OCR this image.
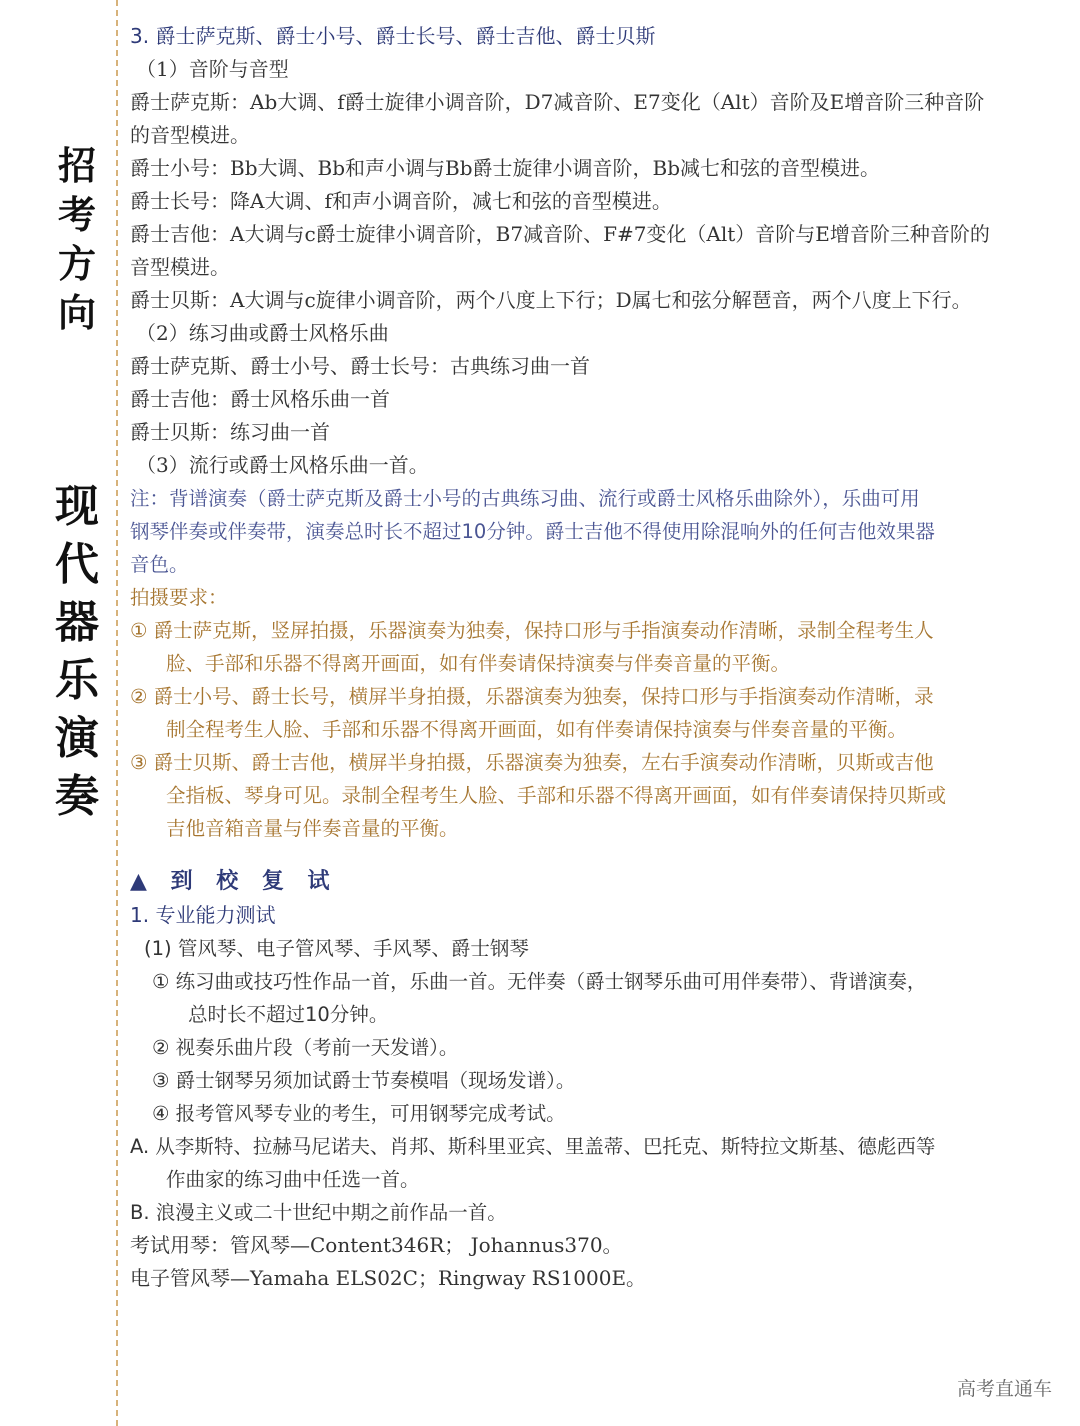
招
考
方
向
现
代
器
乐
演
奏
3. 爵士萨克斯、爵士小号、爵士长号、爵士吉他、爵士贝斯
（1）音阶与音型
爵士萨克斯：Ab大调、f爵士旋律小调音阶，D7减音阶、E7变化（Alt）音阶及E增音阶三种音阶
的音型模进。
爵士小号：Bb大调、Bb和声小调与Bb爵士旋律小调音阶，Bb减七和弦的音型模进。
爵士长号：降A大调、f和声小调音阶，减七和弦的音型模进。
爵士吉他：A大调与c爵士旋律小调音阶，B7减音阶、F#7变化（Alt）音阶与E增音阶三种音阶的
音型模进。
爵士贝斯：A大调与c旋律小调音阶，两个八度上下行；D属七和弦分解琶音，两个八度上下行。
（2）练习曲或爵士风格乐曲
爵士萨克斯、爵士小号、爵士长号：古典练习曲一首
爵士吉他：爵士风格乐曲一首
爵士贝斯：练习曲一首
（3）流行或爵士风格乐曲一首。
注：背谱演奏（爵士萨克斯及爵士小号的古典练习曲、流行或爵士风格乐曲除外），乐曲可用
钢琴伴奏或伴奏带，演奏总时长不超过10分钟。爵士吉他不得使用除混响外的任何吉他效果器
音色。
拍摄要求：
① 爵士萨克斯，竖屏拍摄，乐器演奏为独奏，保持口形与手指演奏动作清晰，录制全程考生人
脸、手部和乐器不得离开画面，如有伴奏请保持演奏与伴奏音量的平衡。
② 爵士小号、爵士长号，横屏半身拍摄，乐器演奏为独奏，保持口形与手指演奏动作清晰，录
制全程考生人脸、手部和乐器不得离开画面，如有伴奏请保持演奏与伴奏音量的平衡。
③ 爵士贝斯、爵士吉他，横屏半身拍摄，乐器演奏为独奏，左右手演奏动作清晰，贝斯或吉他
全指板、琴身可见。录制全程考生人脸、手部和乐器不得离开画面，如有伴奏请保持贝斯或
吉他音箱音量与伴奏音量的平衡。
▲ 到 校 复 试
1. 专业能力测试
(1) 管风琴、电子管风琴、手风琴、爵士钢琴
① 练习曲或技巧性作品一首，乐曲一首。无伴奏（爵士钢琴乐曲可用伴奏带）、背谱演奏，
总时长不超过10分钟。
② 视奏乐曲片段（考前一天发谱）。
③ 爵士钢琴另须加试爵士节奏模唱（现场发谱）。
④ 报考管风琴专业的考生，可用钢琴完成考试。
A. 从李斯特、拉赫马尼诺夫、肖邦、斯科里亚宾、里盖蒂、巴托克、斯特拉文斯基、德彪西等
作曲家的练习曲中任选一首。
B. 浪漫主义或二十世纪中期之前作品一首。
考试用琴：管风琴—Content346R； Johannus370。
电子管风琴—Yamaha ELS02C；Ringway RS1000E。
高考直通车
